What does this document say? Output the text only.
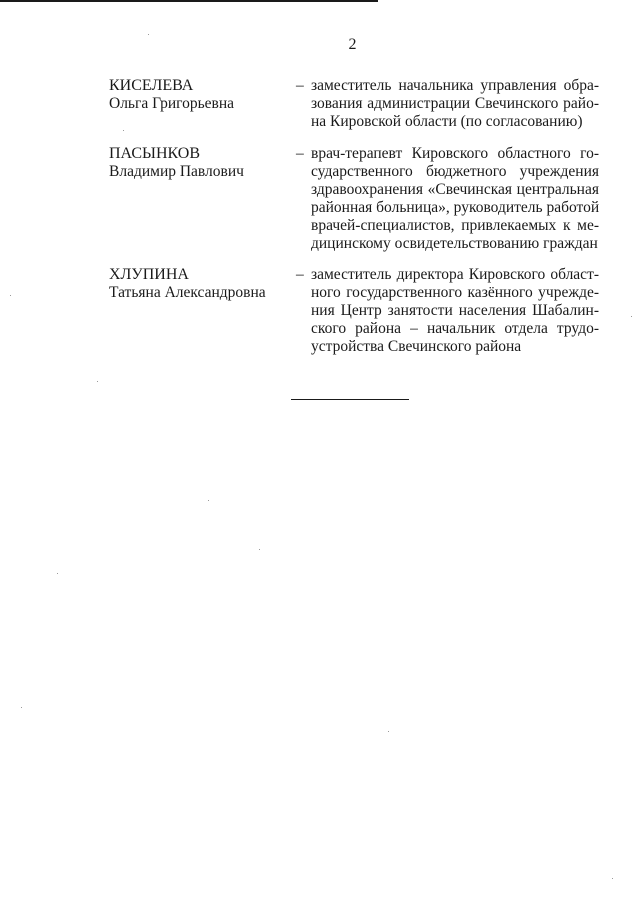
2
КИСЕЛЕВА
Ольга Григорьевна
– заместитель начальника управления обра-
зования администрации Свечинского райо-
на Кировской области (по согласованию)
ПАСЫНКОВ
Владимир Павлович
– врач-терапевт Кировского областного го-
сударственного бюджетного учреждения
здравоохранения «Свечинская центральная
районная больница», руководитель работой
врачей-специалистов, привлекаемых к ме-
дицинскому освидетельствованию граждан
ХЛУПИНА
Татьяна Александровна
– заместитель директора Кировского област-
ного государственного казённого учрежде-
ния Центр занятости населения Шабалин-
ского района – начальник отдела трудо-
устройства Свечинского района
